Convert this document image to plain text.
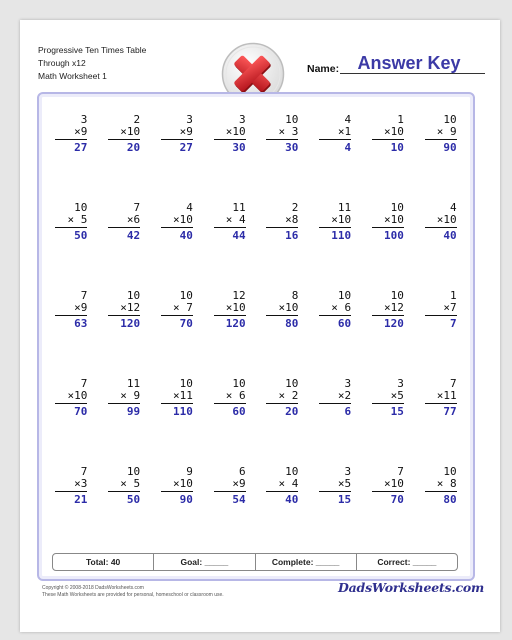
Progressive Ten Times Table
Through x12
Math Worksheet 1
Name:	Answer Key
3
×9
27
2
×10
20
3
×9
27
3
×10
30
10
× 3
30
4
×1
4
1
×10
10
10
× 9
90
10
× 5
50
7
×6
42
4
×10
40
11
× 4
44
2
×8
16
11
×10
110
10
×10
100
4
×10
40
7
×9
63
10
×12
120
10
× 7
70
12
×10
120
8
×10
80
10
× 6
60
10
×12
120
1
×7
7
7
×10
70
11
× 9
99
10
×11
110
10
× 6
60
10
× 2
20
3
×2
6
3
×5
15
7
×11
77
7
×3
21
10
× 5
50
9
×10
90
6
×9
54
10
× 4
40
3
×5
15
7
×10
70
10
× 8
80
Total: 40	Goal: _____	Complete: _____	Correct: _____
Copyright © 2008-2018 DadsWorksheets.com
These Math Worksheets are provided for personal, homeschool or classroom use.	DadsWorksheets.com
